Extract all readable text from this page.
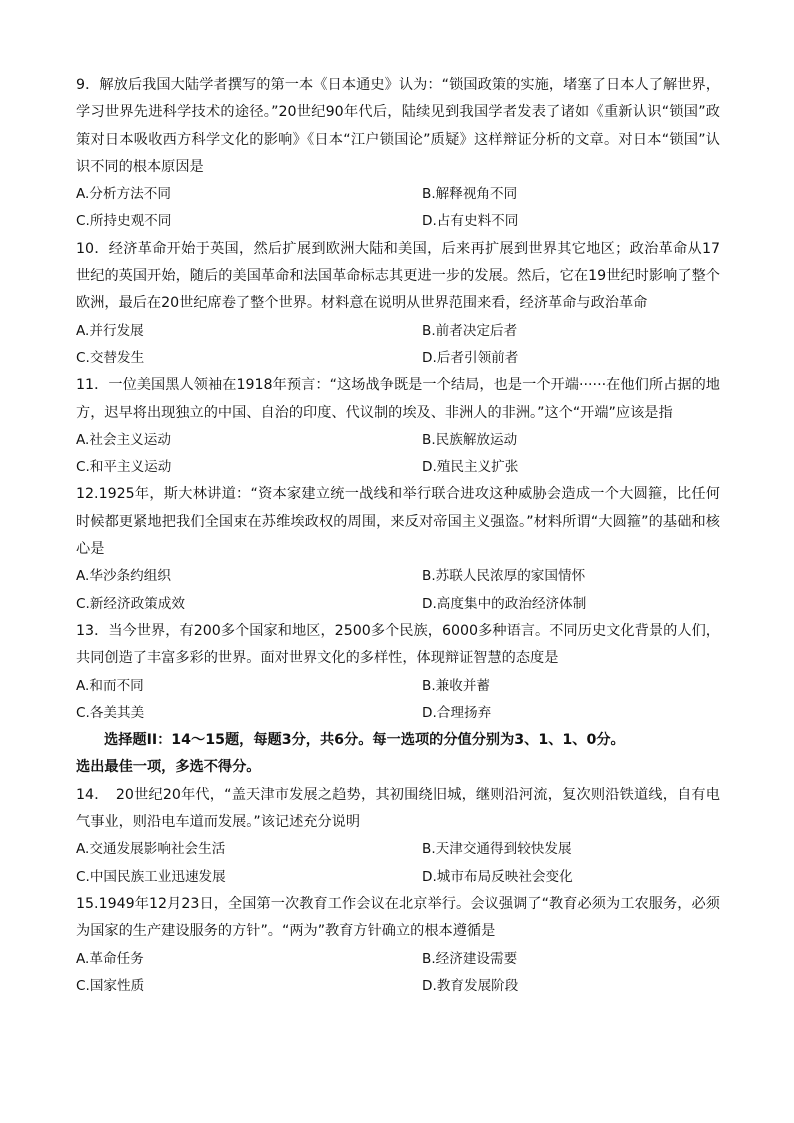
9．解放后我国大陆学者撰写的第一本《日本通史》认为：“锁国政策的实施，堵塞了日本人了解世界，学习世界先进科学技术的途径。”20世纪90年代后，陆续见到我国学者发表了诸如《重新认识“锁国”政策对日本吸收西方科学文化的影响》《日本“江户锁国论”质疑》这样辩证分析的文章。对日本“锁国”认识不同的根本原因是

A.分析方法不同	B.解释视角不同
C.所持史观不同	D.占有史料不同

10．经济革命开始于英国，然后扩展到欧洲大陆和美国，后来再扩展到世界其它地区；政治革命从17世纪的英国开始，随后的美国革命和法国革命标志其更进一步的发展。然后，它在19世纪时影响了整个欧洲，最后在20世纪席卷了整个世界。材料意在说明从世界范围来看，经济革命与政治革命

A.并行发展	B.前者决定后者
C.交替发生	D.后者引领前者

11．一位美国黑人领袖在1918年预言：“这场战争既是一个结局，也是一个开端······在他们所占据的地方，迟早将出现独立的中国、自治的印度、代议制的埃及、非洲人的非洲。”这个“开端”应该是指

A.社会主义运动	B.民族解放运动
C.和平主义运动	D.殖民主义扩张

12.1925年，斯大林讲道：“资本家建立统一战线和举行联合进攻这种威胁会造成一个大圆箍，比任何时候都更紧地把我们全国束在苏维埃政权的周围，来反对帝国主义强盗。”材料所谓“大圆箍”的基础和核心是

A.华沙条约组织	B.苏联人民浓厚的家国情怀
C.新经济政策成效	D.高度集中的政治经济体制

13．当今世界，有200多个国家和地区，2500多个民族，6000多种语言。不同历史文化背景的人们，共同创造了丰富多彩的世界。面对世界文化的多样性，体现辩证智慧的态度是

A.和而不同	B.兼收并蓄
C.各美其美	D.合理扬弃

选择题II：14～15题，每题3分，共6分。每一选项的分值分别为3、1、1、0分。

选出最佳一项，多选不得分。

14．　20世纪20年代，“盖天津市发展之趋势，其初围绕旧城，继则沿河流，复次则沿铁道线，自有电气事业，则沿电车道而发展。”该记述充分说明

A.交通发展影响社会生活	B.天津交通得到较快发展
C.中国民族工业迅速发展	D.城市布局反映社会变化

15.1949年12月23日，全国第一次教育工作会议在北京举行。会议强调了“教育必须为工农服务，必须为国家的生产建设服务的方针”。“两为”教育方针确立的根本遵循是

A.革命任务	B.经济建设需要
C.国家性质	D.教育发展阶段
